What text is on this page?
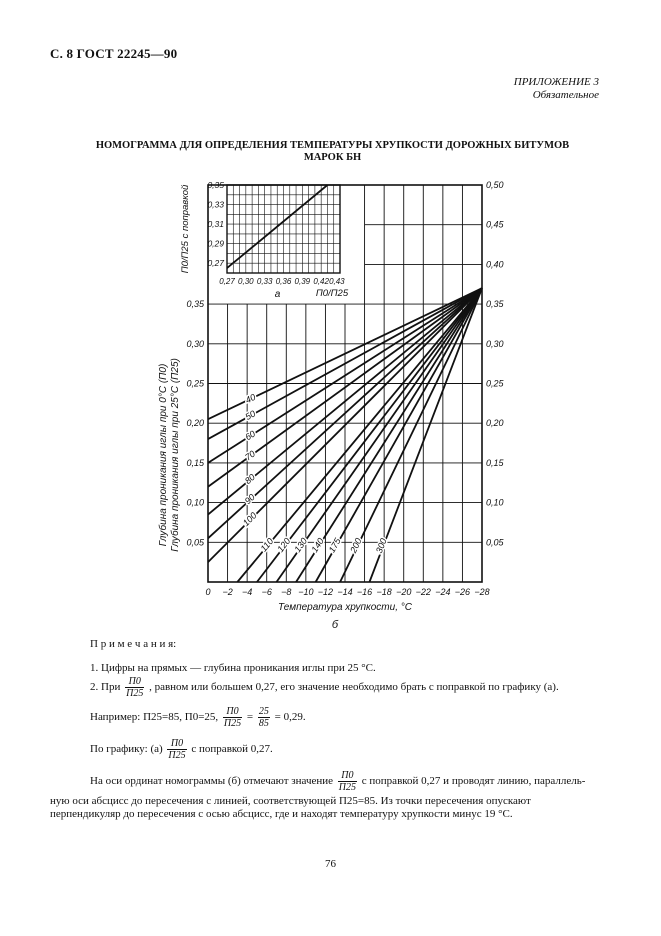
С. 8 ГОСТ 22245—90
ПРИЛОЖЕНИЕ 3
Обязательное
НОМОГРАММА ДЛЯ ОПРЕДЕЛЕНИЯ ТЕМПЕРАТУРЫ ХРУПКОСТИ ДОРОЖНЫХ БИТУМОВ
МАРОК БН
0,27
0,29
0,31
0,33
0,35
0,27 0,30 0,33 0,36 0,39 0,42 0,43
П0/П25
а
П0/П25 с поправкой
0,05
0,10
0,15
0,20
0,25
0,30
0,35
0,05
0,10
0,15
0,20
0,25
0,30
0,35
0,40
0,45
0,50
0 −2 −4 −6 −8 −10 −12 −14 −16 −18 −20 −22 −24 −26 −28
Температура хрупкости, °С
б
Глубина проникания иглы при 0°С (П0) Глубина проникания иглы при 25°С (П25)	40
50
60
70
80
90
100
110 120 130 140 175 200 300
П р и м е ч а н и я:
1. Цифры на прямых — глубина проникания иглы при 25 °С.
2. При $\frac{П0}{П25}$ , равном или большем 0,27, его значение необходимо брать с поправкой по графику (а).
Например: П25=85, П0=25, $\frac{П0}{П25} = \frac{25}{85} = 0,29$.
По графику: $(а) \frac{П0}{П25}$ с поправкой 0,27.
На оси ординат номограммы (б) отмечают значение $\frac{П0}{П25}$ с поправкой 0,27 и проводят линию, параллель-
ную оси абсцисс до пересечения с линией, соответствующей П25=85. Из точки пересечения опускают
перпендикуляр до пересечения с осью абсцисс, где и находят температуру хрупкости минус 19 °С.
76
